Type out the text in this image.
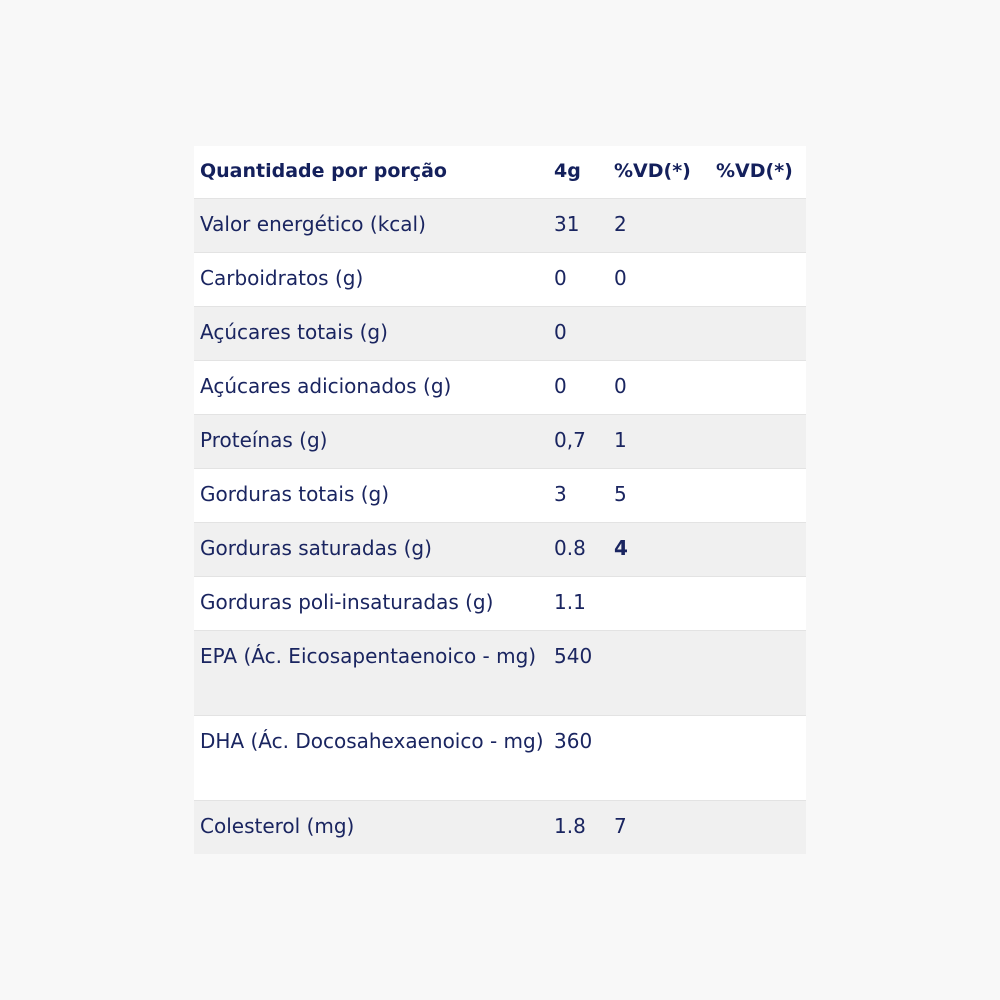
Quantidade por porção	4g	%VD(*)	%VD(*)
Valor energético (kcal)	31	2	
Carboidratos (g)	0	0	
Açúcares totais (g)	0		
Açúcares adicionados (g)	0	0	
Proteínas (g)	0,7	1	
Gorduras totais (g)	3	5	
Gorduras saturadas (g)	0.8	4	
Gorduras poli-insaturadas (g)	1.1		
EPA (Ác. Eicosapentaenoico - mg)	540		
DHA (Ác. Docosahexaenoico - mg)	360		
Colesterol (mg)	1.8	7	
